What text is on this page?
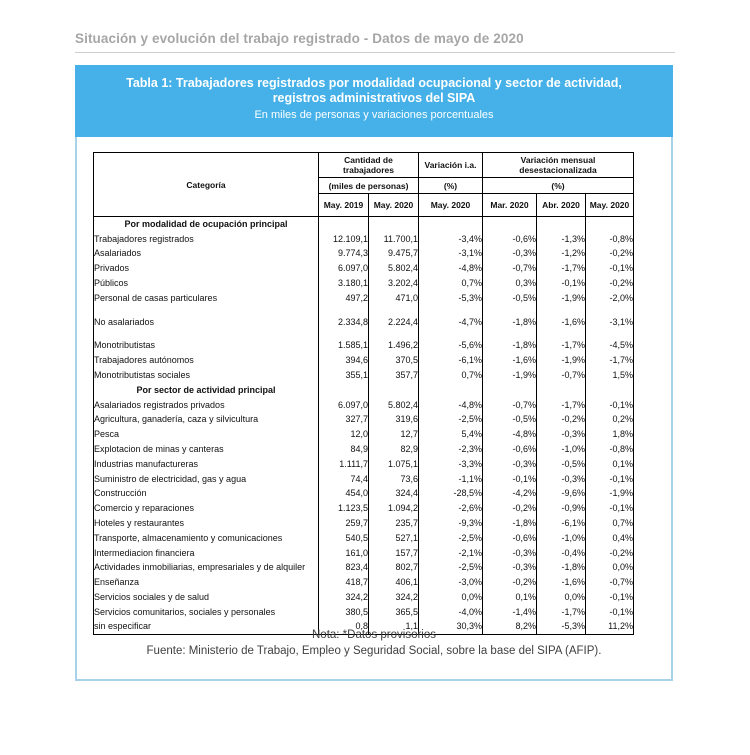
Situación y evolución del trabajo registrado - Datos de mayo de 2020
Tabla 1: Trabajadores registrados por modalidad ocupacional y sector de actividad,
registros administrativos del SIPA
En miles de personas y variaciones porcentuales
Categoría	Cantidad de trabajadores		Variación i.a.	Variación mensual desestacionalizada		
	(miles de personas)		(%)	(%)		
	May. 2019	May. 2020	May. 2020	Mar. 2020	Abr. 2020	May. 2020
Por modalidad de ocupación principal						
Trabajadores registrados	12.109,1	11.700,1	-3,4%	-0,6%	-1,3%	-0,8%
Asalariados	9.774,3	9.475,7	-3,1%	-0,3%	-1,2%	-0,2%
Privados	6.097,0	5.802,4	-4,8%	-0,7%	-1,7%	-0,1%
Públicos	3.180,1	3.202,4	0,7%	0,3%	-0,1%	-0,2%
Personal de casas particulares	497,2	471,0	-5,3%	-0,5%	-1,9%	-2,0%

No asalariados	2.334,8	2.224,4	-4,7%	-1,8%	-1,6%	-3,1%

Monotributistas	1.585,1	1.496,2	-5,6%	-1,8%	-1,7%	-4,5%
Trabajadores autónomos	394,6	370,5	-6,1%	-1,6%	-1,9%	-1,7%
Monotributistas sociales	355,1	357,7	0,7%	-1,9%	-0,7%	1,5%
Por sector de actividad principal						
Asalariados registrados privados	6.097,0	5.802,4	-4,8%	-0,7%	-1,7%	-0,1%
Agricultura, ganadería, caza y silvicultura	327,7	319,6	-2,5%	-0,5%	-0,2%	0,2%
Pesca	12,0	12,7	5,4%	-4,8%	-0,3%	1,8%
Explotacion de minas y canteras	84,9	82,9	-2,3%	-0,6%	-1,0%	-0,8%
Industrias manufactureras	1.111,7	1.075,1	-3,3%	-0,3%	-0,5%	0,1%
Suministro de electricidad, gas y agua	74,4	73,6	-1,1%	-0,1%	-0,3%	-0,1%
Construcción	454,0	324,4	-28,5%	-4,2%	-9,6%	-1,9%
Comercio y reparaciones	1.123,5	1.094,2	-2,6%	-0,2%	-0,9%	-0,1%
Hoteles y restaurantes	259,7	235,7	-9,3%	-1,8%	-6,1%	0,7%
Transporte, almacenamiento y comunicaciones	540,5	527,1	-2,5%	-0,6%	-1,0%	0,4%
Intermediacion financiera	161,0	157,7	-2,1%	-0,3%	-0,4%	-0,2%
Actividades inmobiliarias, empresariales y de alquiler	823,4	802,7	-2,5%	-0,3%	-1,8%	0,0%
Enseñanza	418,7	406,1	-3,0%	-0,2%	-1,6%	-0,7%
Servicios sociales y de salud	324,2	324,2	0,0%	0,1%	0,0%	-0,1%
Servicios comunitarios, sociales y personales	380,5	365,5	-4,0%	-1,4%	-1,7%	-0,1%
sin especificar	0,8	1,1	30,3%	8,2%	-5,3%	11,2%
Nota: *Datos provisorios
Fuente: Ministerio de Trabajo, Empleo y Seguridad Social, sobre la base del SIPA (AFIP).
